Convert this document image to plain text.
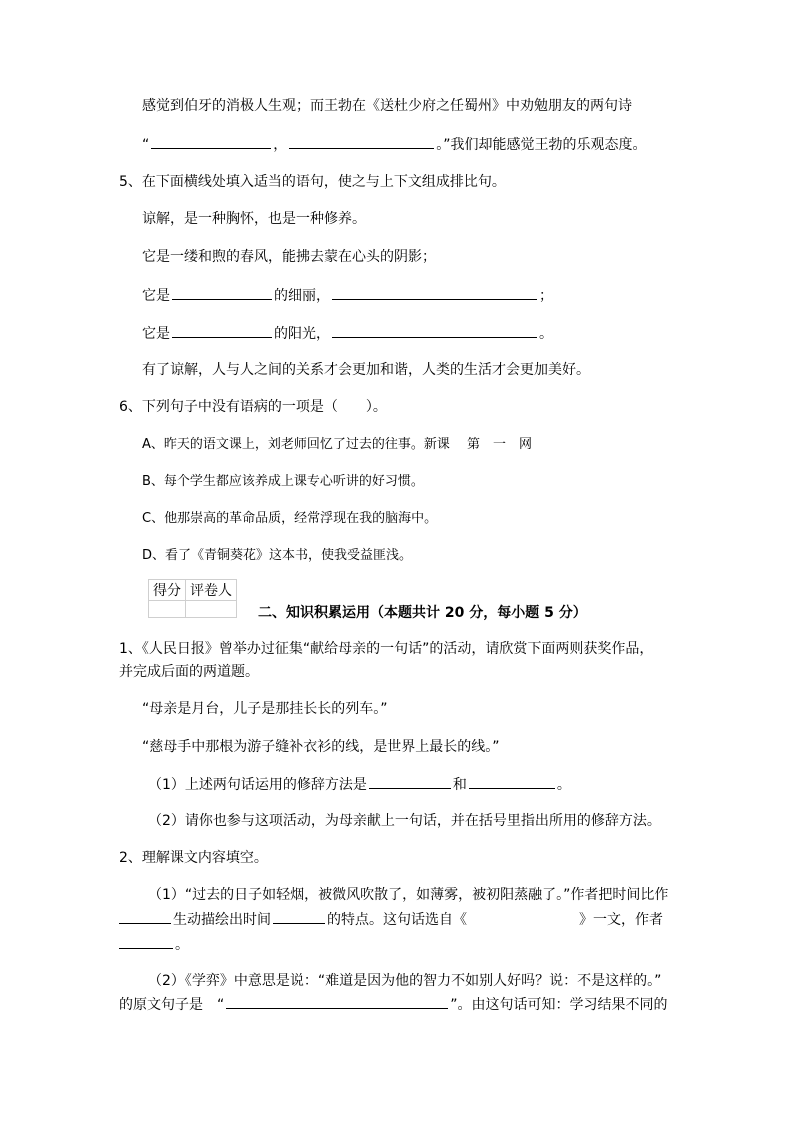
感觉到伯牙的消极人生观；而王勃在《送杜少府之任蜀州》中劝勉朋友的两句诗
“	，	。”我们却能感觉王勃的乐观态度。
5、在下面横线处填入适当的语句，使之与上下文组成排比句。
谅解，是一种胸怀，也是一种修养。
它是一缕和煦的春风，能拂去蒙在心头的阴影；
它是	的细丽，	；
它是	的阳光，	。
有了谅解，人与人之间的关系才会更加和谐，人类的生活才会更加美好。
6、下列句子中没有语病的一项是（　　）。
A、昨天的语文课上，刘老师回忆了过去的往事。新课　 第　一　网
B、每个学生都应该养成上课专心听讲的好习惯。
C、他那崇高的革命品质，经常浮现在我的脑海中。
D、看了《青铜葵花》这本书，使我受益匪浅。
得分	评卷人

二、知识积累运用（本题共计 20 分，每小题 5 分）
1、《人民日报》曾举办过征集“献给母亲的一句话”的活动，请欣赏下面两则获奖作品，
并完成后面的两道题。
“母亲是月台，儿子是那挂长长的列车。”
“慈母手中那根为游子缝补衣衫的线，是世界上最长的线。”
（1）上述两句话运用的修辞方法是	和	。
（2）请你也参与这项活动，为母亲献上一句话，并在括号里指出所用的修辞方法。
2、理解课文内容填空。
（1）“过去的日子如轻烟，被微风吹散了，如薄雾，被初阳蒸融了。”作者把时间比作
生动描绘出时间	的特点。这句话选自《	》一文，作者
。
（2）《学弈》中意思是说：“难道是因为他的智力不如别人好吗？说：不是这样的。”
的原文句子是　“	”。由这句话可知：学习结果不同的
